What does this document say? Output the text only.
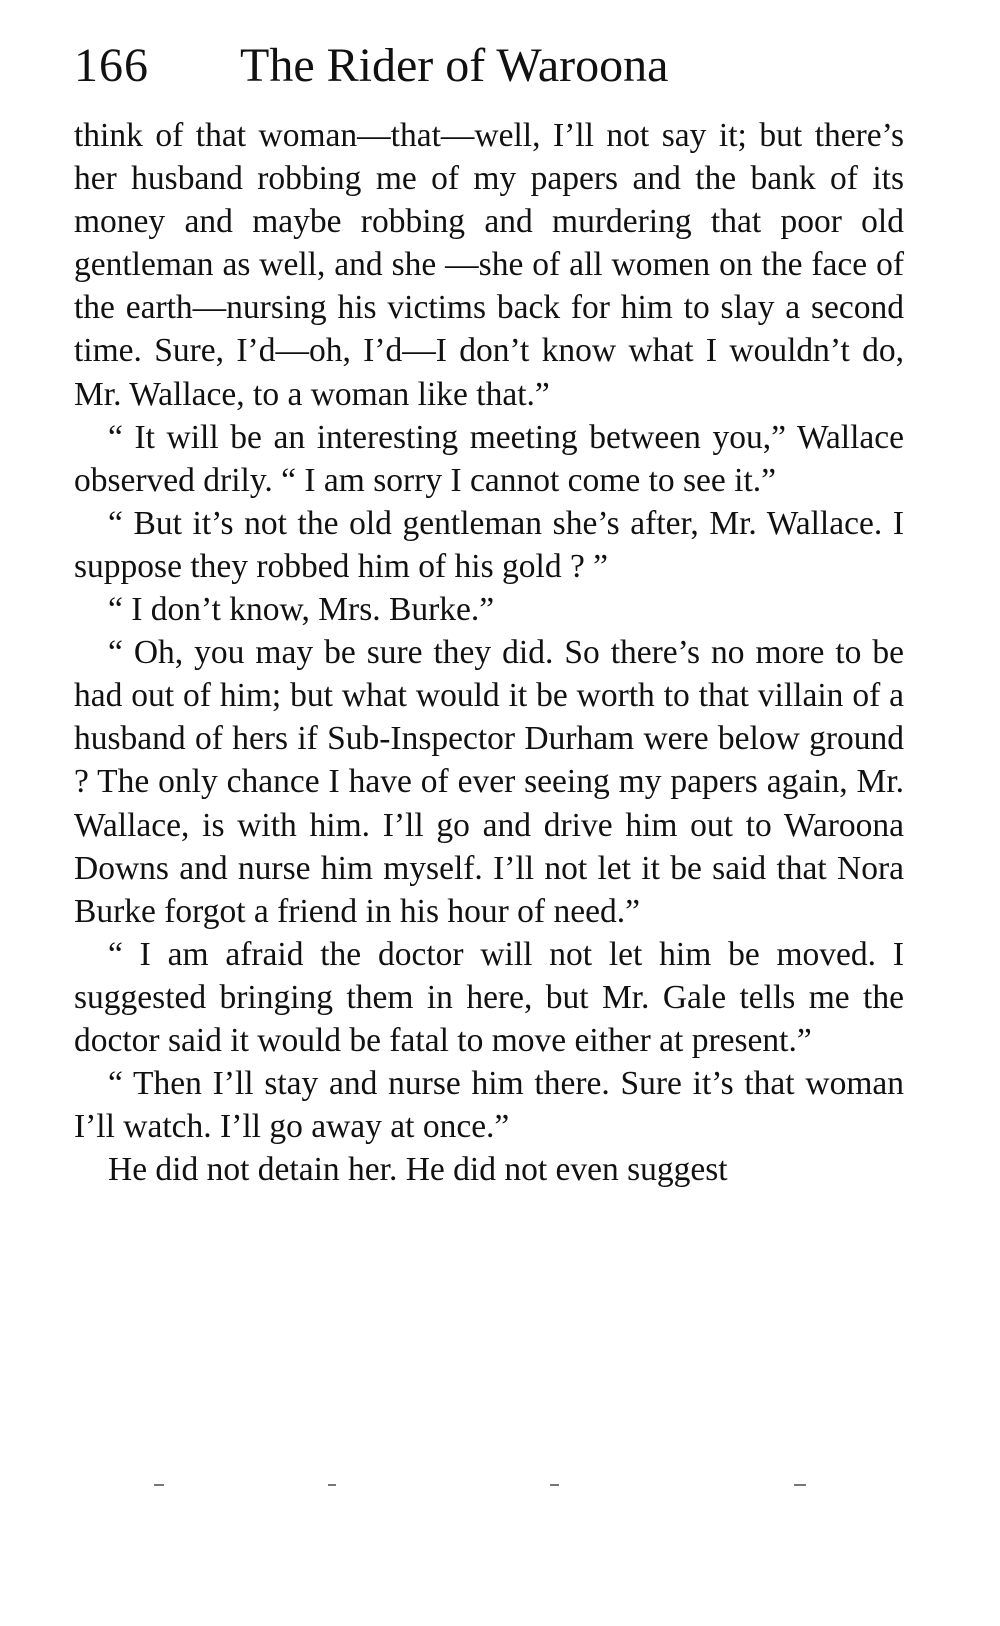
166 The Rider of Waroona

think of that woman—that—well, I’ll not say it; but there’s her husband robbing me of my papers and the bank of its money and maybe robbing and murdering that poor old gentleman as well, and she —she of all women on the face of the earth—nursing his victims back for him to slay a second time. Sure, I’d—oh, I’d—I don’t know what I wouldn’t do, Mr. Wallace, to a woman like that.”

“ It will be an interesting meeting between you,” Wallace observed drily. “ I am sorry I cannot come to see it.”

“ But it’s not the old gentleman she’s after, Mr. Wallace. I suppose they robbed him of his gold ? ”

“ I don’t know, Mrs. Burke.”

“ Oh, you may be sure they did. So there’s no more to be had out of him; but what would it be worth to that villain of a husband of hers if Sub-Inspector Durham were below ground ? The only chance I have of ever seeing my papers again, Mr. Wallace, is with him. I’ll go and drive him out to Waroona Downs and nurse him myself. I’ll not let it be said that Nora Burke forgot a friend in his hour of need.”

“ I am afraid the doctor will not let him be moved. I suggested bringing them in here, but Mr. Gale tells me the doctor said it would be fatal to move either at present.”

“ Then I’ll stay and nurse him there. Sure it’s that woman I’ll watch. I’ll go away at once.”

He did not detain her. He did not even suggest
